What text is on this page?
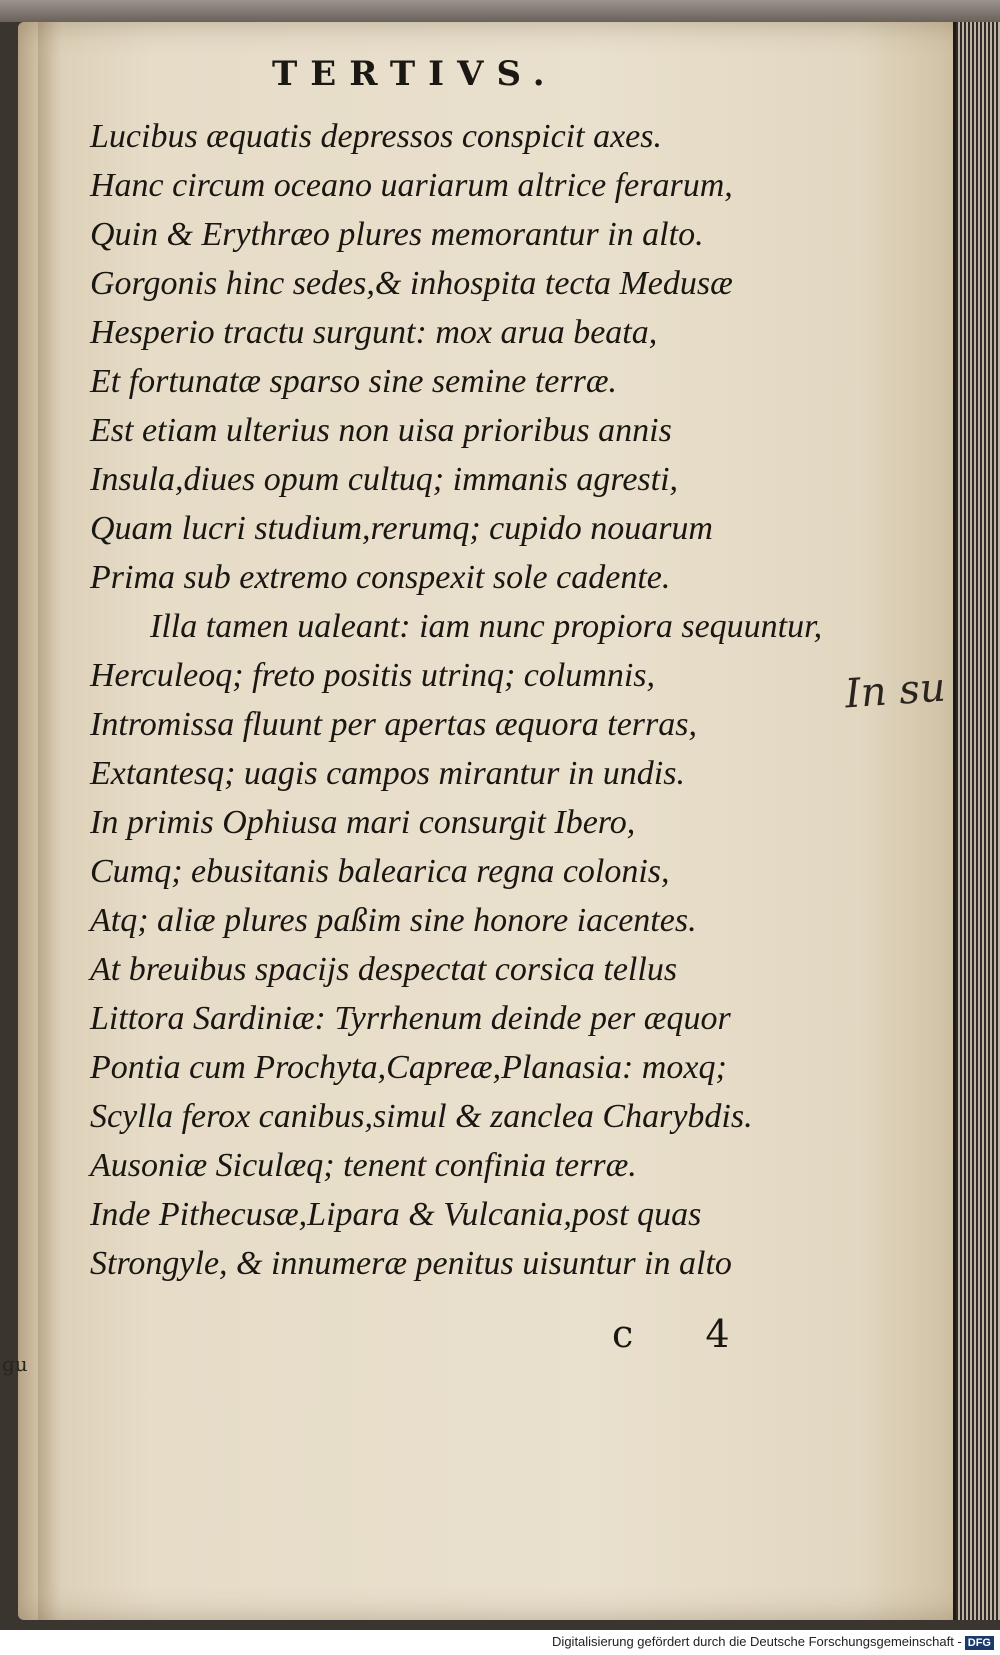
TERTIVS.
Lucibus æquatis depressos conspicit axes.
Hanc circum oceano uariarum altrice ferarum,
Quin & Erythræo plures memorantur in alto.
Gorgonis hinc sedes,& inhospita tecta Medusæ
Hesperio tractu surgunt: mox arua beata,
Et fortunatæ sparso sine semine terræ.
Est etiam ulterius non uisa prioribus annis
Insula,diues opum cultuq; immanis agresti,
Quam lucri studium,rerumq; cupido nouarum
Prima sub extremo conspexit sole cadente.
Illa tamen ualeant: iam nunc propiora sequuntur,
Herculeoq; freto positis utrinq; columnis,
Intromissa fluunt per apertas æquora terras,
Extantesq; uagis campos mirantur in undis.
In primis Ophiusa mari consurgit Ibero,
Cumq; ebusitanis balearica regna colonis,
Atq; aliæ plures paßim sine honore iacentes.
At breuibus spacijs despectat corsica tellus
Littora Sardiniæ: Tyrrhenum deinde per æquor
Pontia cum Prochyta,Capreæ,Planasia: moxq;
Scylla ferox canibus,simul & zanclea Charybdis.
Ausoniæ Siculæq; tenent confinia terræ.
Inde Pithecusæ,Lipara & Vulcania,post quas
Strongyle, & innumeræ penitus uisuntur in alto
c 4
In su
gu
Digitalisierung gefördert durch die Deutsche Forschungsgemeinschaft - DFG
